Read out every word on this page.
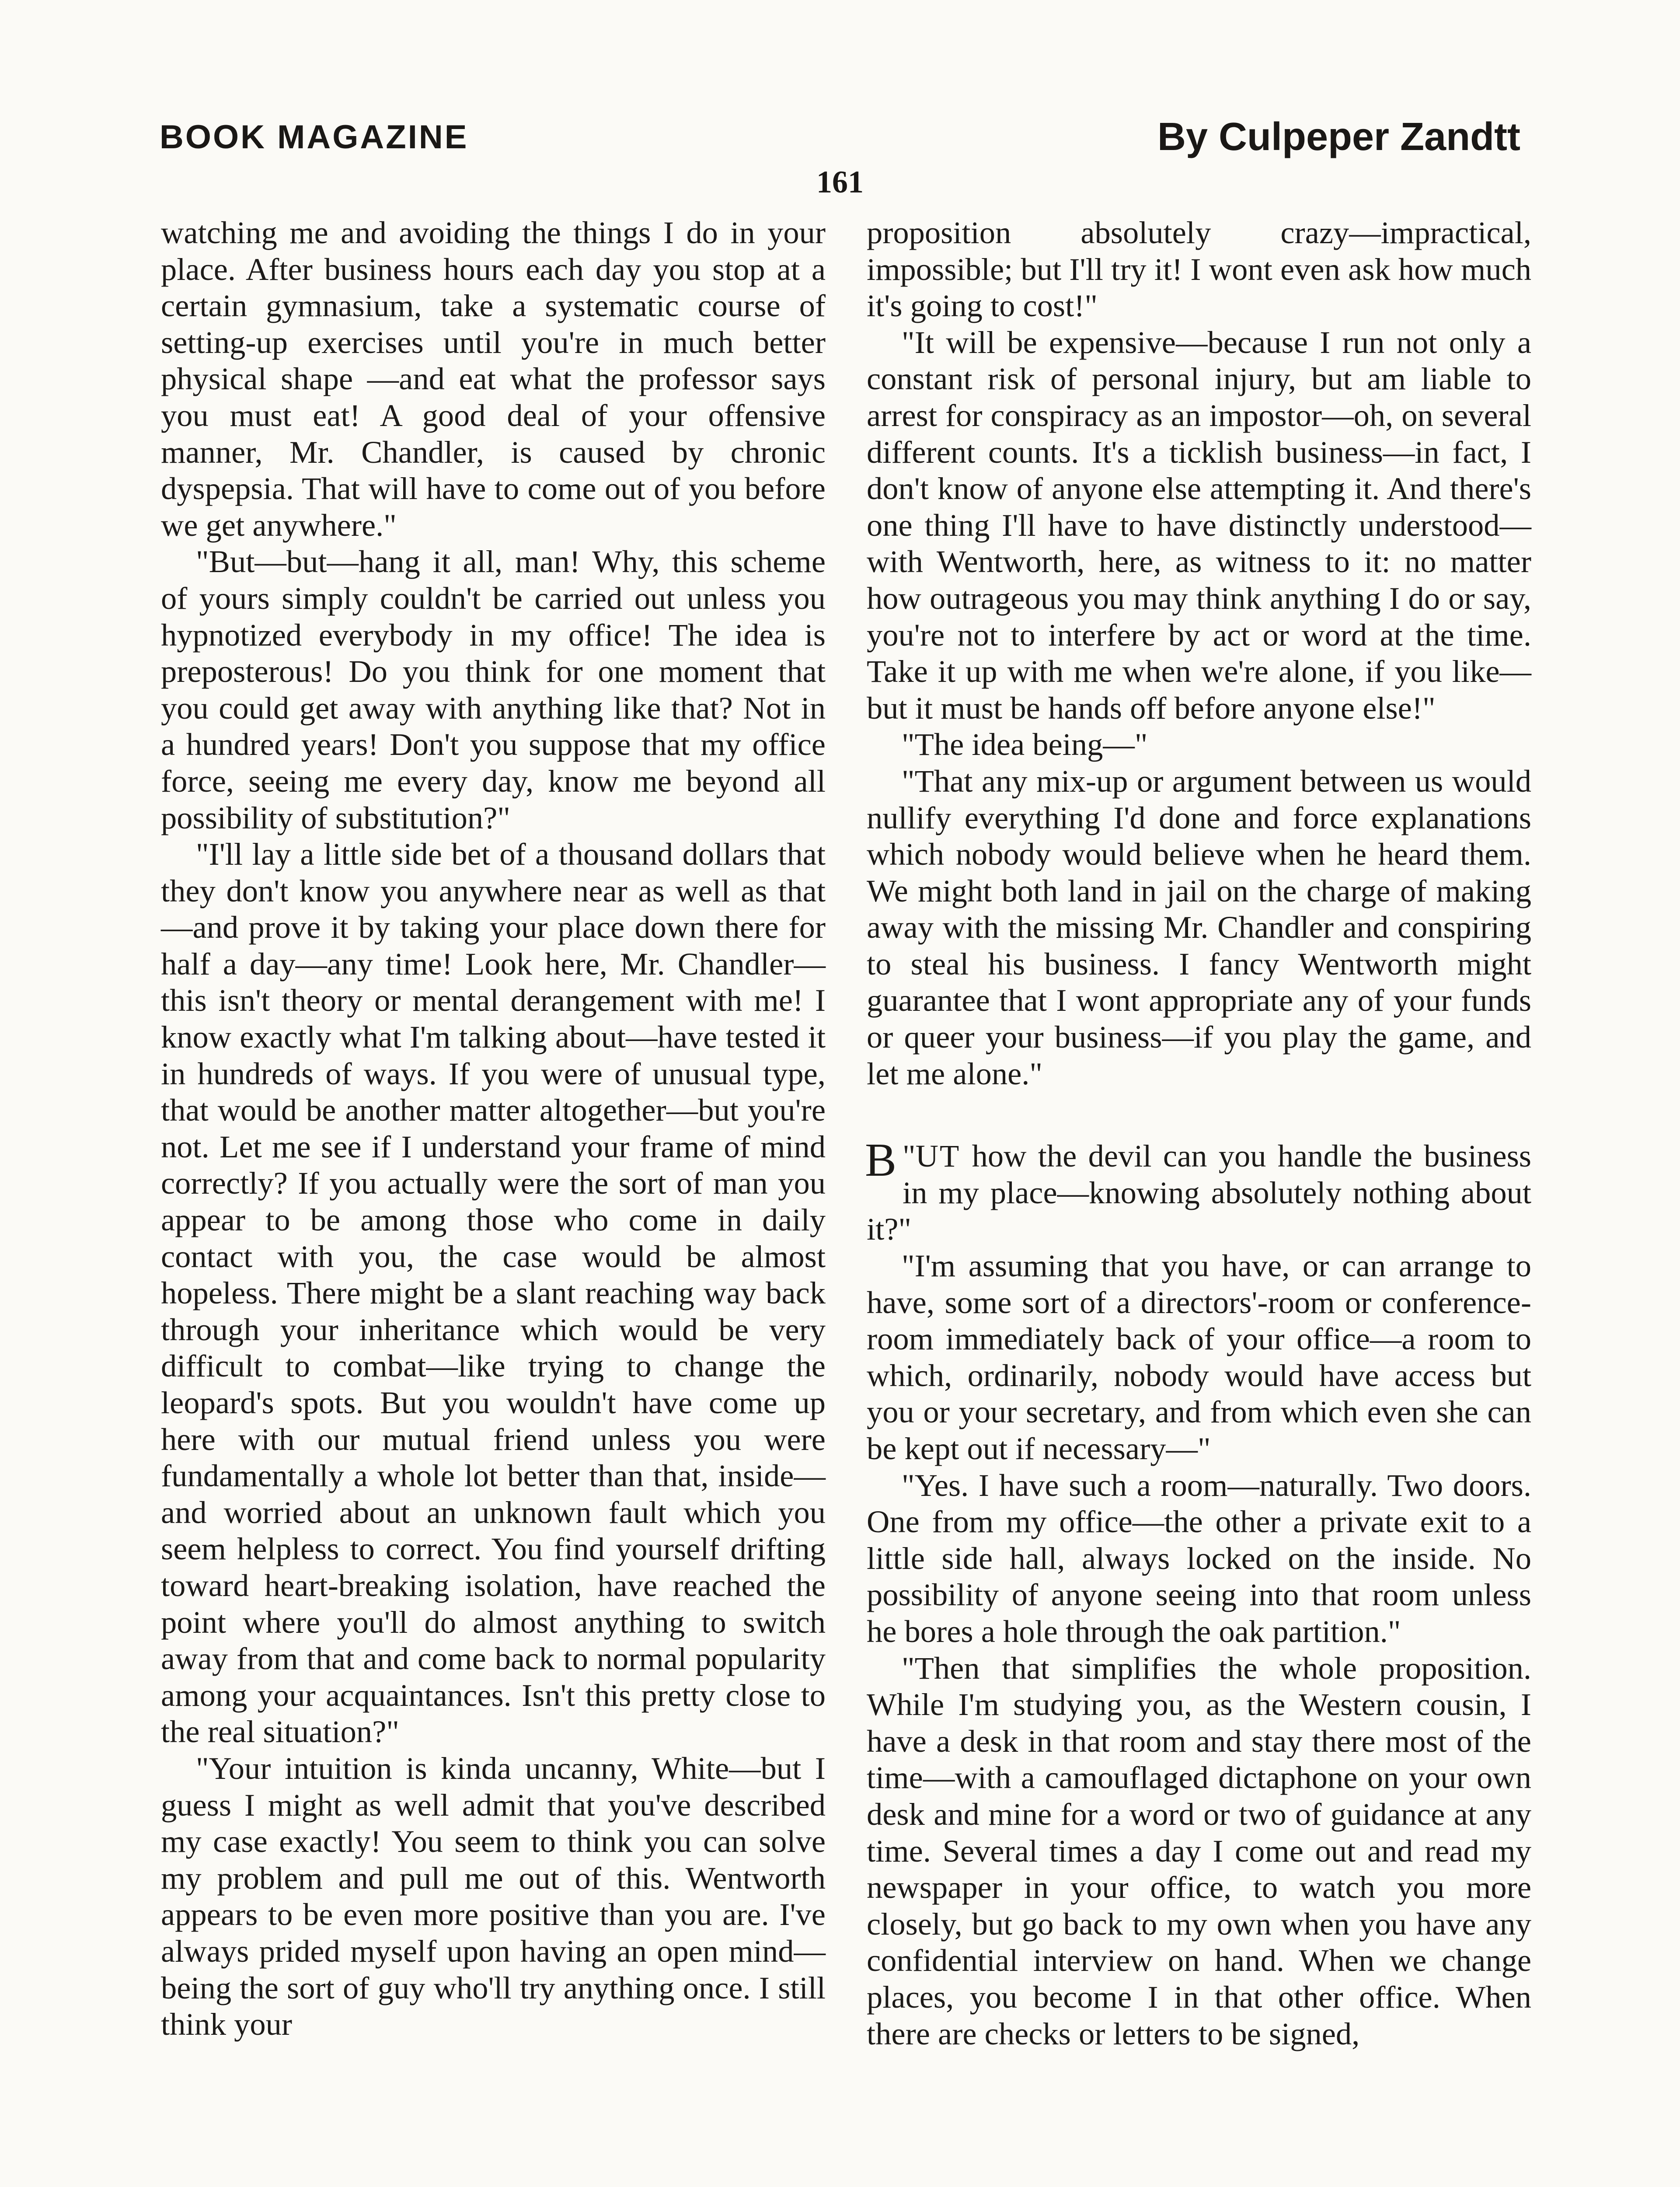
BOOK MAGAZINE	By Culpeper Zandtt
161

watching me and avoiding the things I do in your place. After business hours each day you stop at a certain gymnasium, take a systematic course of setting-up exercises until you're in much better physical shape —and eat what the professor says you must eat! A good deal of your offensive manner, Mr. Chandler, is caused by chronic dyspepsia. That will have to come out of you before we get anywhere."

"But—but—hang it all, man! Why, this scheme of yours simply couldn't be carried out unless you hypnotized everybody in my office! The idea is preposterous! Do you think for one moment that you could get away with anything like that? Not in a hundred years! Don't you suppose that my office force, seeing me every day, know me beyond all possibility of substitution?"

"I'll lay a little side bet of a thousand dollars that they don't know you anywhere near as well as that—and prove it by taking your place down there for half a day—any time! Look here, Mr. Chandler—this isn't theory or mental derangement with me! I know exactly what I'm talking about—have tested it in hundreds of ways. If you were of unusual type, that would be another matter altogether—but you're not. Let me see if I understand your frame of mind correctly? If you actually were the sort of man you appear to be among those who come in daily contact with you, the case would be almost hopeless. There might be a slant reaching way back through your inheritance which would be very difficult to combat—like trying to change the leopard's spots. But you wouldn't have come up here with our mutual friend unless you were fundamentally a whole lot better than that, inside—and worried about an unknown fault which you seem helpless to correct. You find yourself drifting toward heart-breaking isolation, have reached the point where you'll do almost anything to switch away from that and come back to normal popularity among your acquaintances. Isn't this pretty close to the real situation?"

"Your intuition is kinda uncanny, White—but I guess I might as well admit that you've described my case exactly! You seem to think you can solve my problem and pull me out of this. Wentworth appears to be even more positive than you are. I've always prided myself upon having an open mind—being the sort of guy who'll try anything once. I still think your

proposition absolutely crazy—impractical, impossible; but I'll try it! I wont even ask how much it's going to cost!"

"It will be expensive—because I run not only a constant risk of personal injury, but am liable to arrest for conspiracy as an impostor—oh, on several different counts. It's a ticklish business—in fact, I don't know of anyone else attempting it. And there's one thing I'll have to have distinctly understood—with Wentworth, here, as witness to it: no matter how outrageous you may think anything I do or say, you're not to interfere by act or word at the time. Take it up with me when we're alone, if you like—but it must be hands off before anyone else!"

"The idea being—"

"That any mix-up or argument between us would nullify everything I'd done and force explanations which nobody would believe when he heard them. We might both land in jail on the charge of making away with the missing Mr. Chandler and conspiring to steal his business. I fancy Wentworth might guarantee that I wont appropriate any of your funds or queer your business—if you play the game, and let me alone."

"
B UT how the devil can you handle the business in my place—knowing absolutely nothing about it?"

"I'm assuming that you have, or can arrange to have, some sort of a directors'-room or conference-room immediately back of your office—a room to which, ordinarily, nobody would have access but you or your secretary, and from which even she can be kept out if necessary—"

"Yes. I have such a room—naturally. Two doors. One from my office—the other a private exit to a little side hall, always locked on the inside. No possibility of anyone seeing into that room unless he bores a hole through the oak partition."

"Then that simplifies the whole proposition. While I'm studying you, as the Western cousin, I have a desk in that room and stay there most of the time—with a camouflaged dictaphone on your own desk and mine for a word or two of guidance at any time. Several times a day I come out and read my newspaper in your office, to watch you more closely, but go back to my own when you have any confidential interview on hand. When we change places, you become I in that other office. When there are checks or letters to be signed,
